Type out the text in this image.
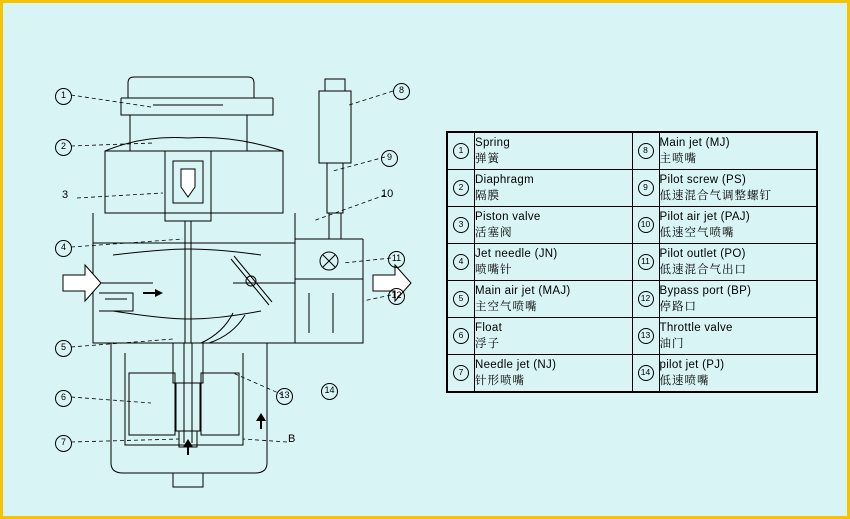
1
2
3
4
5
6
7
8
9
10
11
12
13
B
1	
Spring
弹簧
	8	
Main jet (MJ)
主喷嘴

2	
Diaphragm
隔膜
	9	
Pilot screw (PS)
低速混合气调整螺钉

3	
Piston valve
活塞阀
	10	
Pilot air jet (PAJ)
低速空气喷嘴

4	
Jet needle (JN)
喷嘴针
	11	
Pilot outlet (PO)
低速混合气出口

5	
Main air jet (MAJ)
主空气喷嘴
	12	
Bypass port (BP)
停路口

6	
Float
浮子
	13	
Throttle valve
油门

7	
Needle jet (NJ)
针形喷嘴
	14	
pilot jet (PJ)
低速喷嘴
14
